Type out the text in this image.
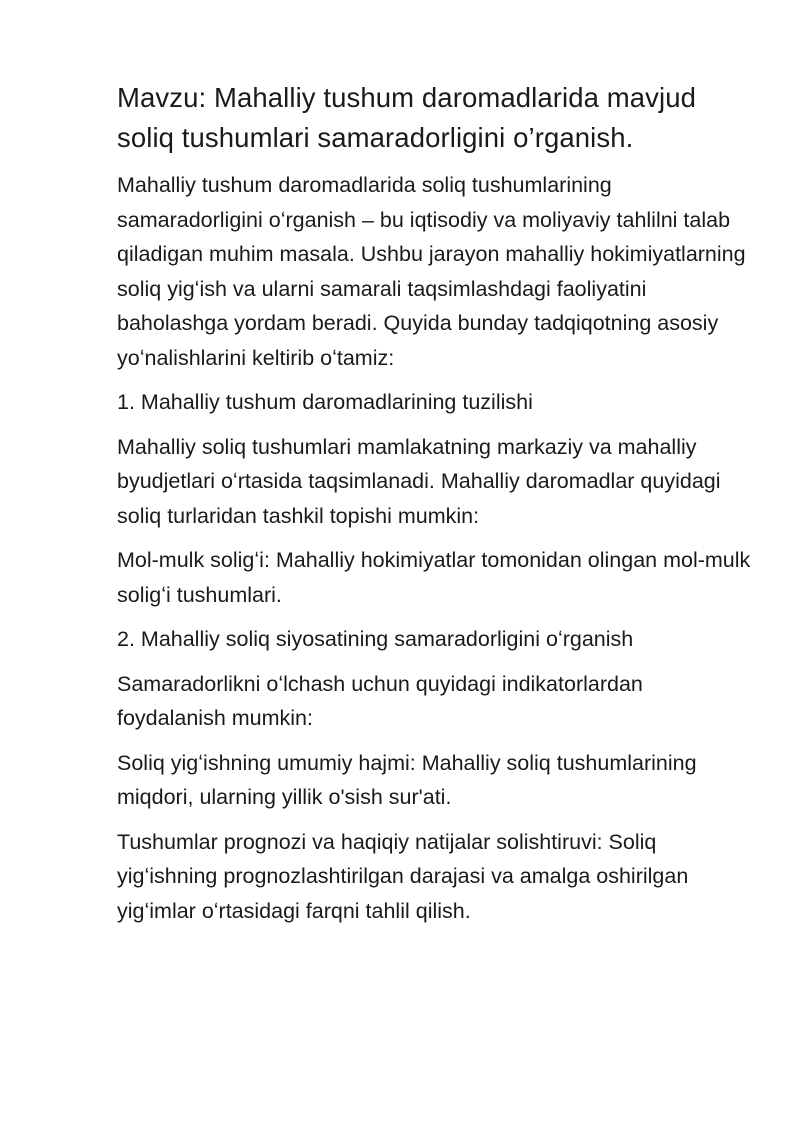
Mavzu: Mahalliy tushum daromadlarida mavjud soliq tushumlari samaradorligini o’rganish.

Mahalliy tushum daromadlarida soliq tushumlarining samaradorligini oʻrganish – bu iqtisodiy va moliyaviy tahlilni talab qiladigan muhim masala. Ushbu jarayon mahalliy hokimiyatlarning soliq yigʻish va ularni samarali taqsimlashdagi faoliyatini baholashga yordam beradi. Quyida bunday tadqiqotning asosiy yoʻnalishlarini keltirib oʻtamiz:

1. Mahalliy tushum daromadlarining tuzilishi

Mahalliy soliq tushumlari mamlakatning markaziy va mahalliy byudjetlari oʻrtasida taqsimlanadi. Mahalliy daromadlar quyidagi soliq turlaridan tashkil topishi mumkin:

Mol-mulk soligʻi: Mahalliy hokimiyatlar tomonidan olingan mol-mulk soligʻi tushumlari.

2. Mahalliy soliq siyosatining samaradorligini oʻrganish

Samaradorlikni oʻlchash uchun quyidagi indikatorlardan foydalanish mumkin:

Soliq yigʻishning umumiy hajmi: Mahalliy soliq tushumlarining miqdori, ularning yillik o'sish sur'ati.

Tushumlar prognozi va haqiqiy natijalar solishtiruvi: Soliq yigʻishning prognozlashtirilgan darajasi va amalga oshirilgan yigʻimlar oʻrtasidagi farqni tahlil qilish.
